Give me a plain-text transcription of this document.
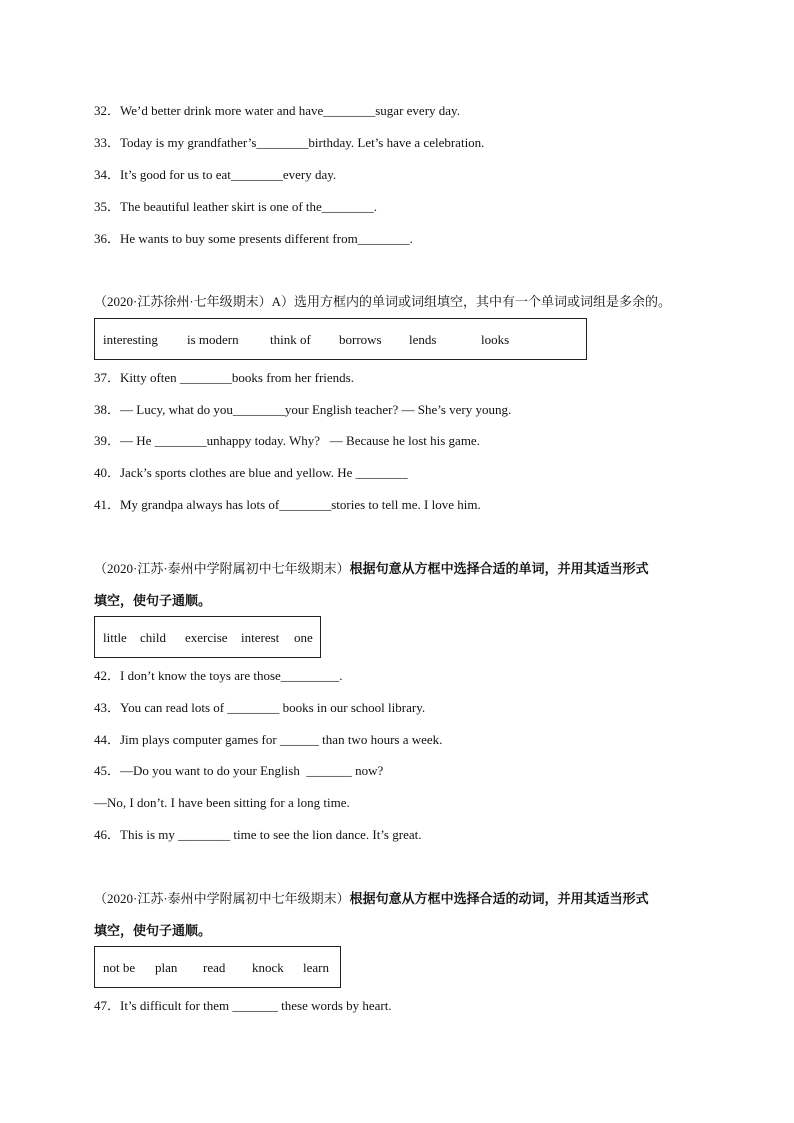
32．We’d better drink more water and have________sugar every day.
33．Today is my grandfather’s________birthday. Let’s have a celebration.
34．It’s good for us to eat________every day.
35．The beautiful leather skirt is one of the________.
36．He wants to buy some presents different from________.
（2020·江苏徐州·七年级期末）A）选用方框内的单词或词组填空，其中有一个单词或词组是多余的。
interesting is modern think of borrows lends	looks
37．Kitty often ________books from her friends.
38．— Lucy, what do you________your English teacher? — She’s very young.
39．— He ________unhappy today. Why?   — Because he lost his game.
40．Jack’s sports clothes are blue and yellow. He ________
41．My grandpa always has lots of________stories to tell me. I love him.
（2020·江苏·泰州中学附属初中七年级期末）根据句意从方框中选择合适的单词，并用其适当形式
填空，使句子通顺。
little child exercise interest one
42．I don’t know the toys are those_________.
43．You can read lots of ________ books in our school library.
44．Jim plays computer games for ______ than two hours a week.
45．—Do you want to do your English  _______ now?
—No, I don’t. I have been sitting for a long time.
46．This is my ________ time to see the lion dance. It’s great.
（2020·江苏·泰州中学附属初中七年级期末）根据句意从方框中选择合适的动词，并用其适当形式
填空，使句子通顺。
not be plan read knock learn
47．It’s difficult for them _______ these words by heart.
